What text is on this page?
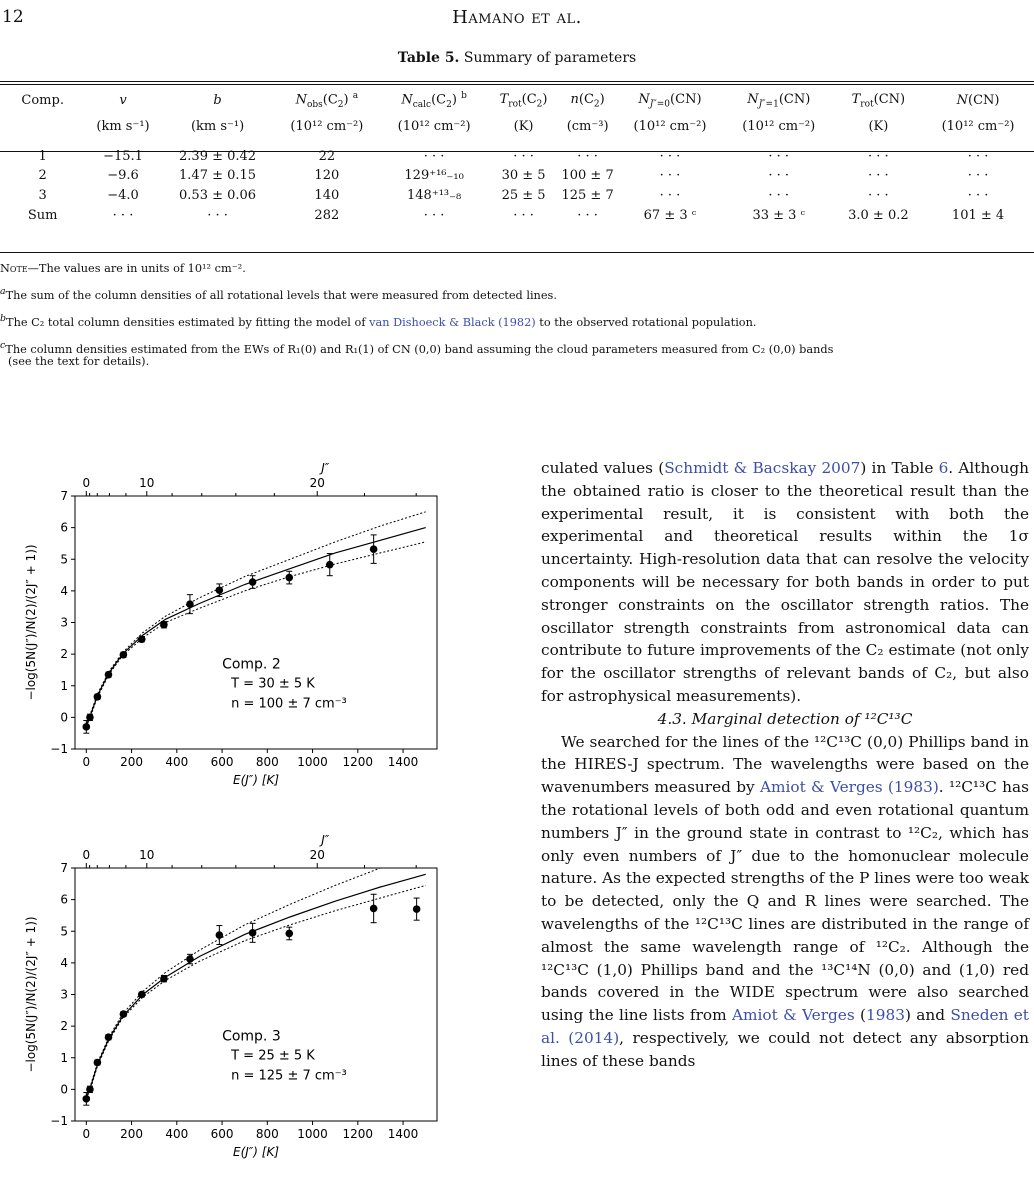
12	Hamano et al.
Table 5. Summary of parameters
Comp.	v	b	$N_{obs}(C_2)$ $^a$	$N_{calc}(C_2)$ $^b$	$T_{rot}(C_2)$	$n(C_2)$	$N_{J''=0}(CN)$	$N_{J''=1}(CN)$	$T_{rot}(CN)$	N(CN)
	(km s⁻¹)	(km s⁻¹)	(10¹² cm⁻²)	(10¹² cm⁻²)	(K)	(cm⁻³)	(10¹² cm⁻²)	(10¹² cm⁻²)	(K)	(10¹² cm⁻²)
1	−15.1	2.39 ± 0.42	22	· · ·	· · ·	· · ·	· · ·	· · ·	· · ·	· · ·
2	−9.6	1.47 ± 0.15	120	129⁺¹⁶₋₁₀	30 ± 5	100 ± 7	· · ·	· · ·	· · ·	· · ·
3	−4.0	0.53 ± 0.06	140	148⁺¹³₋₈	25 ± 5	125 ± 7	· · ·	· · ·	· · ·	· · ·
Sum	· · ·	· · ·	282	· · ·	· · ·	· · ·	67 ± 3 ᶜ	33 ± 3 ᶜ	3.0 ± 0.2	101 ± 4

Note—The values are in units of 10¹² cm⁻².

$^a$The sum of the column densities of all rotational levels that were measured from detected lines.

$^b$The C₂ total column densities estimated by fitting the model of van Dishoeck & Black (1982) to the observed rotational population.

$^c$The column densities estimated from the EWs of R₁(0) and R₁(1) of CN (0,0) band assuming the cloud parameters measured from C₂ (0,0) bands
(see the text for details).

0 200 400 600 800 1000 1200 1400
−1
0
1
2
3
4
5
6
7
0	10	20
E(J″) [K]
J″
−log(5N(J″)/N(2)/(2J″ + 1))	Comp. 2
T = 30 ± 5 K
n = 100 ± 7 cm⁻³
0 200 400 600 800 1000 1200 1400
−1
0
1
2
3
4
5
6
7
0	10	20
E(J″) [K]
J″
−log(5N(J″)/N(2)/(2J″ + 1))	Comp. 3
T = 25 ± 5 K
n = 125 ± 7 cm⁻³

culated values (Schmidt & Bacskay 2007) in Table 6. Although the obtained ratio is closer to the theoretical result than the experimental result, it is consistent with both the experimental and theoretical results within the 1σ uncertainty. High-resolution data that can resolve the velocity components will be necessary for both bands in order to put stronger constraints on the oscillator strength ratios. The oscillator strength constraints from astronomical data can contribute to future improvements of the C₂ estimate (not only for the oscillator strengths of relevant bands of C₂, but also for astrophysical measurements).

4.3. Marginal detection of ¹²C¹³C

We searched for the lines of the ¹²C¹³C (0,0) Phillips band in the HIRES-J spectrum. The wavelengths were based on the wavenumbers measured by Amiot & Verges (1983). ¹²C¹³C has the rotational levels of both odd and even rotational quantum numbers J″ in the ground state in contrast to ¹²C₂, which has only even numbers of J″ due to the homonuclear molecule nature. As the expected strengths of the P lines were too weak to be detected, only the Q and R lines were searched. The wavelengths of the ¹²C¹³C lines are distributed in the range of almost the same wavelength range of ¹²C₂. Although the ¹²C¹³C (1,0) Phillips band and the ¹³C¹⁴N (0,0) and (1,0) red bands covered in the WIDE spectrum were also searched using the line lists from Amiot & Verges (1983) and Sneden et al. (2014), respectively, we could not detect any absorption lines of these bands
